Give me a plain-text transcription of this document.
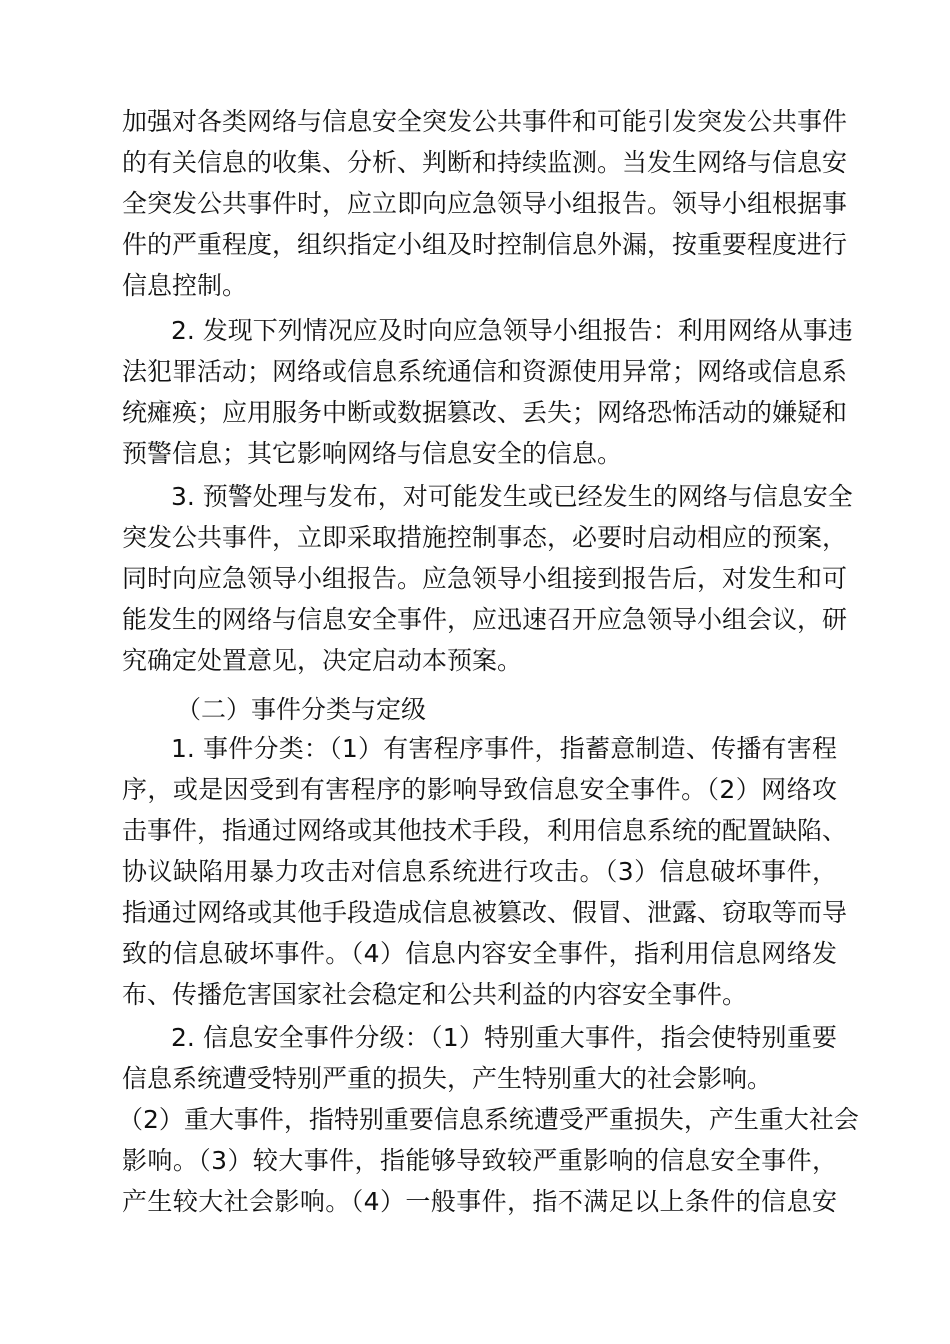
加强对各类网络与信息安全突发公共事件和可能引发突发公共事件
的有关信息的收集、分析、判断和持续监测。当发生网络与信息安
全突发公共事件时，应立即向应急领导小组报告。领导小组根据事
件的严重程度，组织指定小组及时控制信息外漏，按重要程度进行
信息控制。
2. 发现下列情况应及时向应急领导小组报告：利用网络从事违
法犯罪活动；网络或信息系统通信和资源使用异常；网络或信息系
统瘫痪；应用服务中断或数据篡改、丢失；网络恐怖活动的嫌疑和
预警信息；其它影响网络与信息安全的信息。
3. 预警处理与发布，对可能发生或已经发生的网络与信息安全
突发公共事件，立即采取措施控制事态，必要时启动相应的预案，
同时向应急领导小组报告。应急领导小组接到报告后，对发生和可
能发生的网络与信息安全事件，应迅速召开应急领导小组会议，研
究确定处置意见，决定启动本预案。
（二）事件分类与定级
1. 事件分类：（1）有害程序事件，指蓄意制造、传播有害程
序，或是因受到有害程序的影响导致信息安全事件。（2）网络攻
击事件，指通过网络或其他技术手段，利用信息系统的配置缺陷、
协议缺陷用暴力攻击对信息系统进行攻击。（3）信息破坏事件，
指通过网络或其他手段造成信息被篡改、假冒、泄露、窃取等而导
致的信息破坏事件。（4）信息内容安全事件，指利用信息网络发
布、传播危害国家社会稳定和公共利益的内容安全事件。
2. 信息安全事件分级：（1）特别重大事件，指会使特别重要
信息系统遭受特别严重的损失，产生特别重大的社会影响。
（2）重大事件，指特别重要信息系统遭受严重损失，产生重大社会
影响。（3）较大事件，指能够导致较严重影响的信息安全事件，
产生较大社会影响。（4）一般事件，指不满足以上条件的信息安
